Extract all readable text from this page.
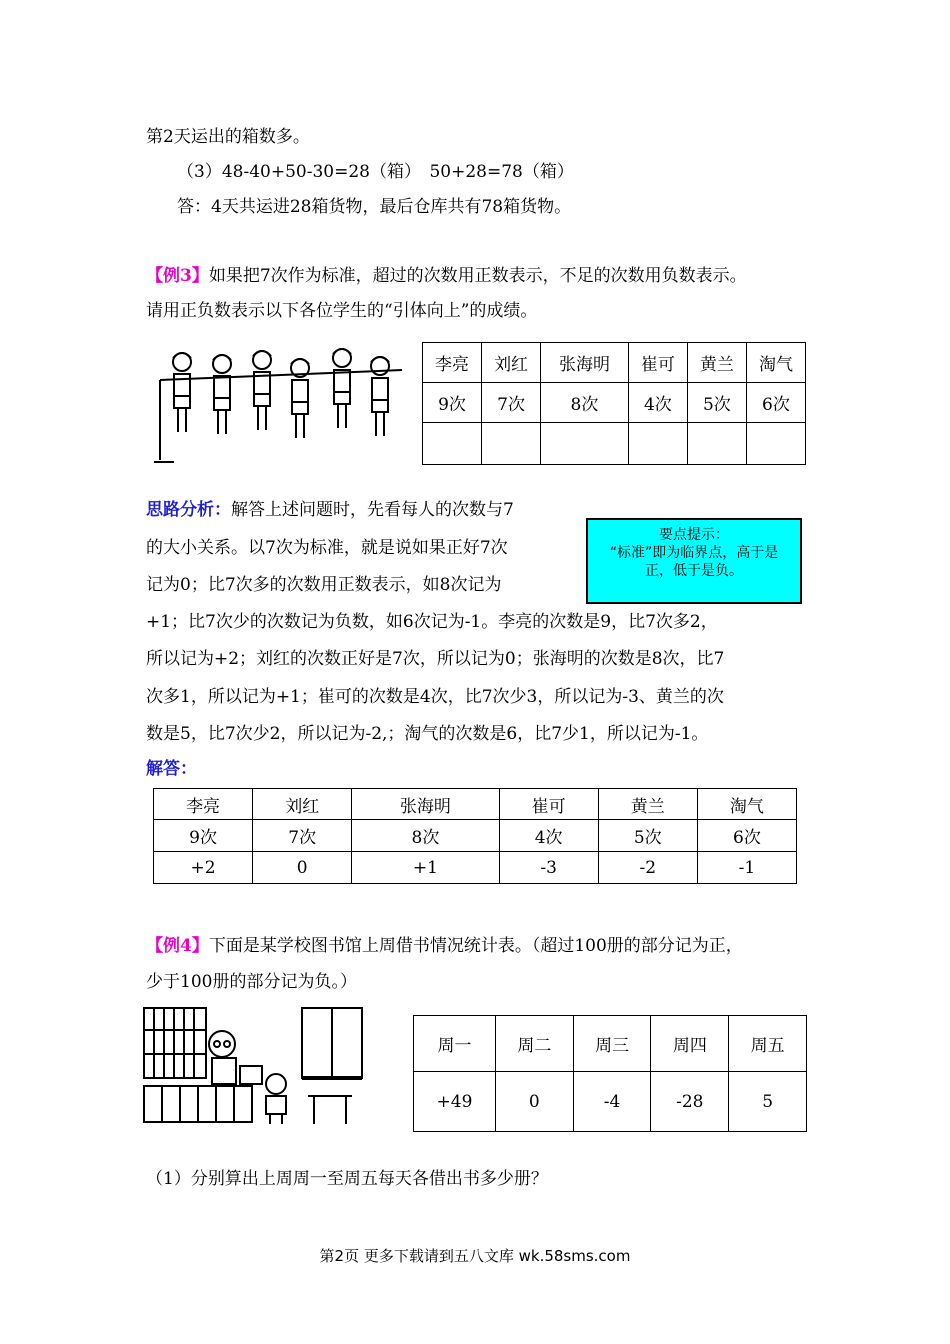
第2天运出的箱数多。
（3）48-40+50-30=28（箱）　50+28=78（箱）
答：4天共运进28箱货物，最后仓库共有78箱货物。
【例3】如果把7次作为标准，超过的次数用正数表示，不足的次数用负数表示。
请用正负数表示以下各位学生的“引体向上”的成绩。
李亮	刘红	张海明	崔可	黄兰	淘气
9次	7次	8次	4次	5次	6次

思路分析：解答上述问题时，先看每人的次数与7
的大小关系。以7次为标准，就是说如果正好7次
记为0；比7次多的次数用正数表示，如8次记为
+1；比7次少的次数记为负数，如6次记为-1。李亮的次数是9，比7次多2，
所以记为+2；刘红的次数正好是7次，所以记为0；张海明的次数是8次，比7
次多1，所以记为+1；崔可的次数是4次，比7次少3，所以记为-3、黄兰的次
数是5，比7次少2，所以记为-2,；淘气的次数是6，比7少1，所以记为-1。
要点提示：
“标准”即为临界点，高于是正，低于是负。
解答：
李亮	刘红	张海明	崔可	黄兰	淘气
9次	7次	8次	4次	5次	6次
+2	0	+1	-3	-2	-1
【例4】下面是某学校图书馆上周借书情况统计表。（超过100册的部分记为正，
少于100册的部分记为负。）
周一	周二	周三	周四	周五
+49	0	-4	-28	5
（1）分别算出上周周一至周五每天各借出书多少册？
第2页 更多下载请到五八文库 wk.58sms.com
